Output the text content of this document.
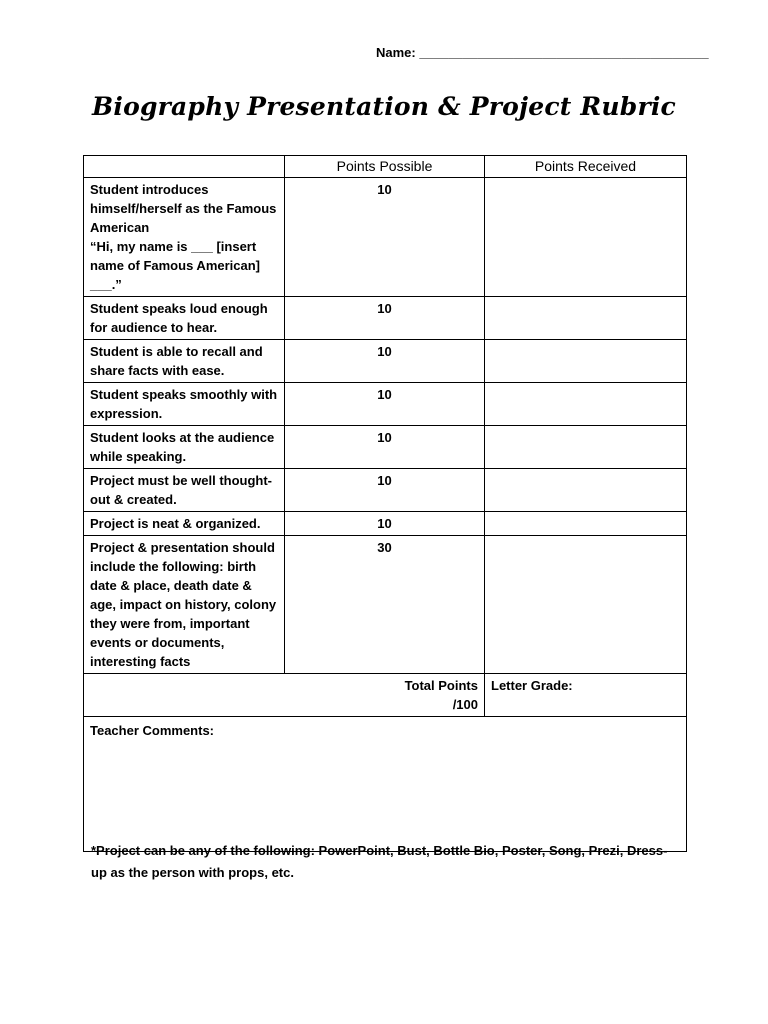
Name: ________________________________________
Biography Presentation & Project Rubric
	Points Possible	Points Received
Student introduces himself/herself as the Famous American
“Hi, my name is ___ [insert name of Famous American] ___.”	10	
Student speaks loud enough for audience to hear.	10	
Student is able to recall and share facts with ease.	10	
Student speaks smoothly with expression.	10	
Student looks at the audience while speaking.	10	
Project must be well thought-out & created.	10	
Project is neat & organized.	10	
Project & presentation should include the following: birth date & place, death date & age, impact on history, colony they were from, important events or documents, interesting facts	30	

Total Points
/100		Letter Grade:
Teacher Comments:		
*Project can be any of the following: PowerPoint, Bust, Bottle Bio, Poster, Song, Prezi, Dress-up as the person with props, etc.
